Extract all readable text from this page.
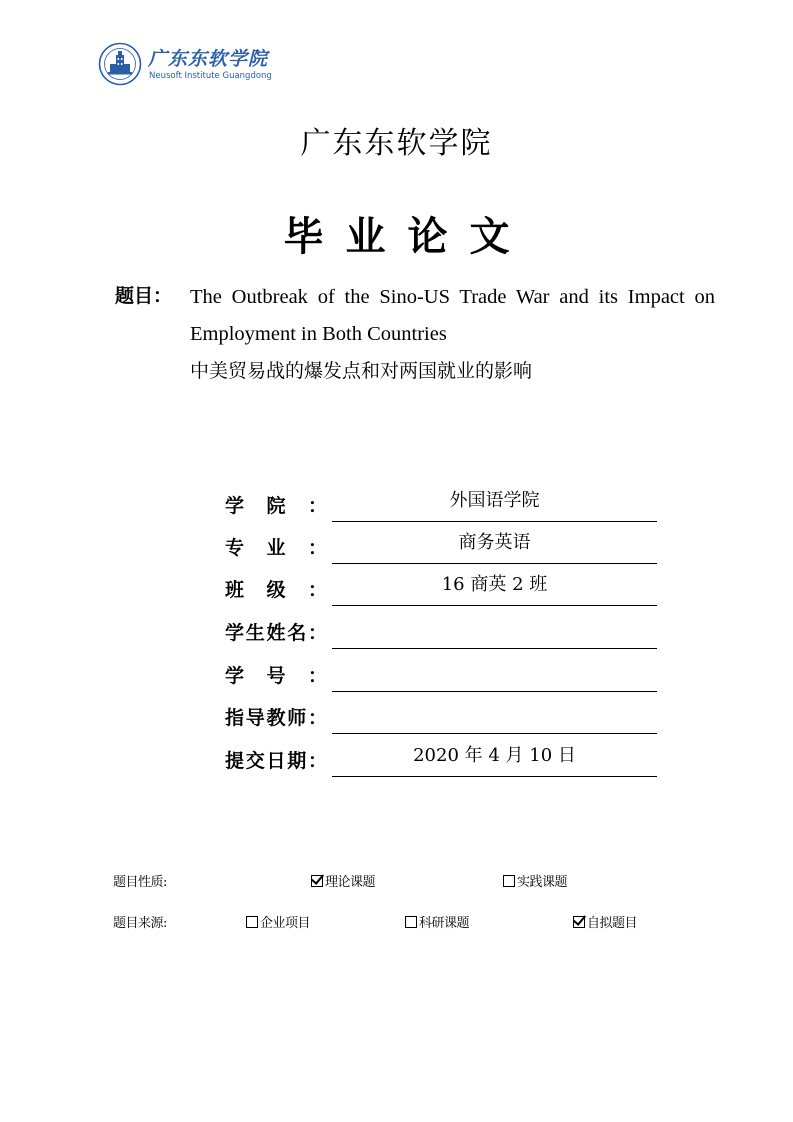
广东东软学院
Neusoft Institute Guangdong
广东东软学院
毕业论文
题目： The Outbreak of the Sino-US Trade War and its Impact on Employment in Both Countries
中美贸易战的爆发点和对两国就业的影响
学 院 ：	外国语学院
专 业 ：	商务英语
班 级 ：	16 商英 2 班
学 生 姓 名 ：
学 号 ：
指 导 教 师 ：
提 交 日 期 ：	2020 年 4 月 10 日
题目性质:	理论课题	实践课题
题目来源:	企业项目	科研课题	自拟题目
